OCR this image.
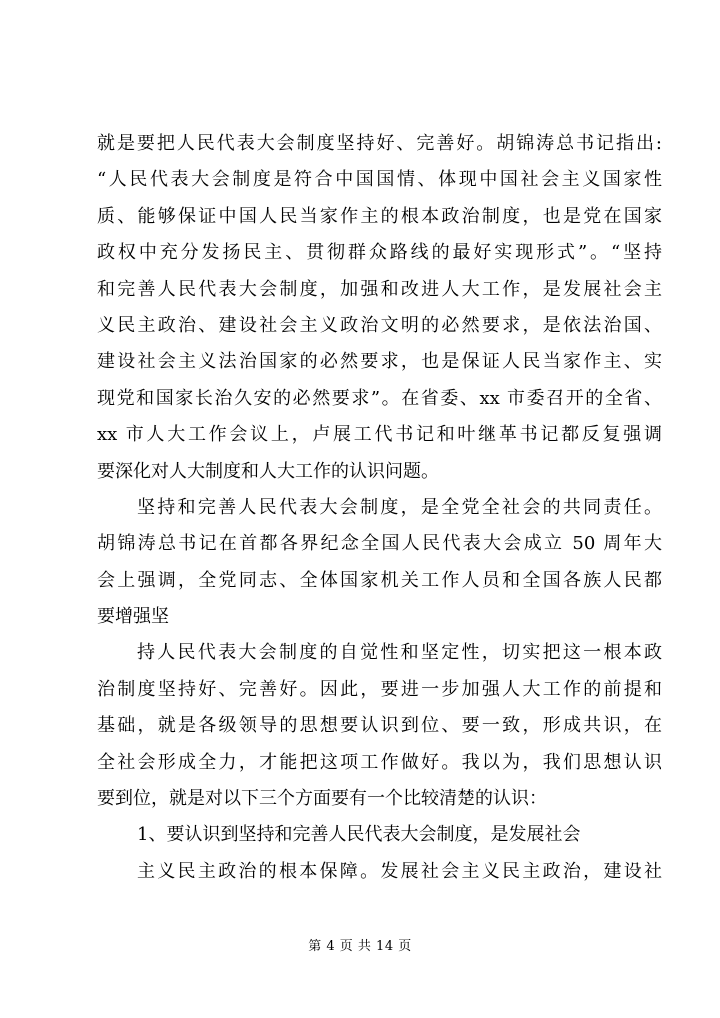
就是要把人民代表大会制度坚持好、完善好。胡锦涛总书记指出:
“人民代表大会制度是符合中国国情、体现中国社会主义国家性
质、能够保证中国人民当家作主的根本政治制度，也是党在国家
政权中充分发扬民主、贯彻群众路线的最好实现形式”。“坚持
和完善人民代表大会制度，加强和改进人大工作，是发展社会主
义民主政治、建设社会主义政治文明的必然要求，是依法治国、
建设社会主义法治国家的必然要求，也是保证人民当家作主、实
现党和国家长治久安的必然要求”。在省委、xx 市委召开的全省、
xx 市人大工作会议上，卢展工代书记和叶继革书记都反复强调
要深化对人大制度和人大工作的认识问题。
坚持和完善人民代表大会制度，是全党全社会的共同责任。
胡锦涛总书记在首都各界纪念全国人民代表大会成立 50 周年大
会上强调，全党同志、全体国家机关工作人员和全国各族人民都
要增强坚
持人民代表大会制度的自觉性和坚定性，切实把这一根本政
治制度坚持好、完善好。因此，要进一步加强人大工作的前提和
基础，就是各级领导的思想要认识到位、要一致，形成共识，在
全社会形成全力，才能把这项工作做好。我以为，我们思想认识
要到位，就是对以下三个方面要有一个比较清楚的认识：
1、要认识到坚持和完善人民代表大会制度，是发展社会
主义民主政治的根本保障。发展社会主义民主政治，建设社
第 4 页 共 14 页
